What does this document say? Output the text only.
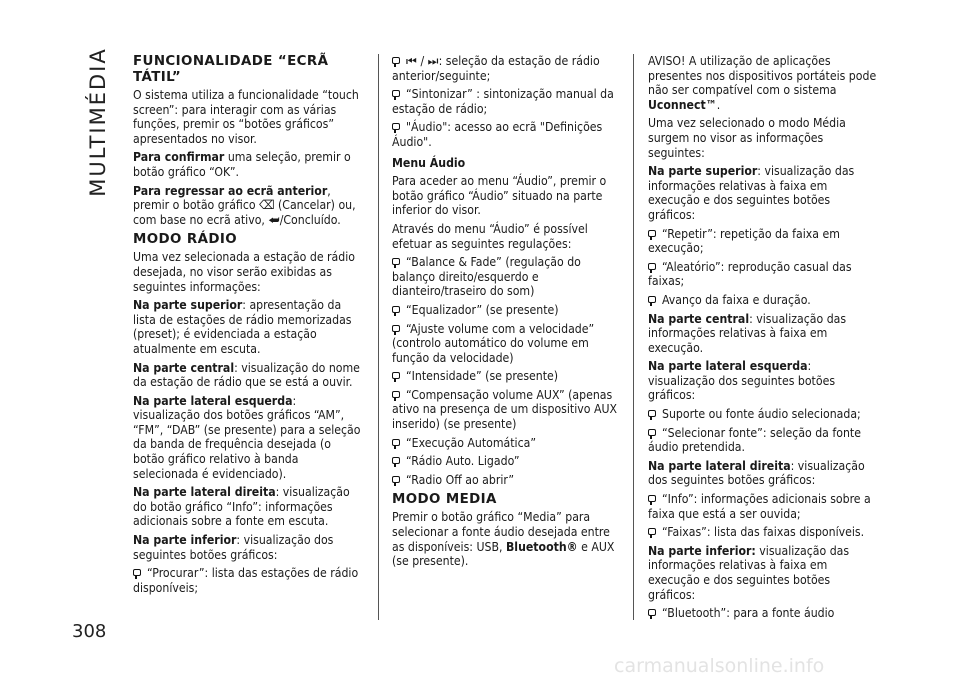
MULTIMÉDIA
308
FUNCIONALIDADE “ECRÃ TÁTIL”

O sistema utiliza a funcionalidade “touch screen”: para interagir com as várias funções, premir os “botões gráficos” apresentados no visor.

Para confirmar uma seleção, premir o botão gráfico “OK”.

Para regressar ao ecrã anterior, premir o botão gráfico ⌫ (Cancelar) ou, com base no ecrã ativo, ⮨/Concluído.

MODO RÁDIO

Uma vez selecionada a estação de rádio desejada, no visor serão exibidas as seguintes informações:

Na parte superior: apresentação da lista de estações de rádio memorizadas (preset); é evidenciada a estação atualmente em escuta.

Na parte central: visualização do nome da estação de rádio que se está a ouvir.

Na parte lateral esquerda: visualização dos botões gráficos “AM”, “FM”, “DAB” (se presente) para a seleção da banda de frequência desejada (o botão gráfico relativo à banda selecionada é evidenciado).

Na parte lateral direita: visualização do botão gráfico “Info”: informações adicionais sobre a fonte em escuta.

Na parte inferior: visualização dos seguintes botões gráficos:

“Procurar”: lista das estações de rádio disponíveis;

⏮ / ⏭: seleção da estação de rádio anterior/seguinte;

“Sintonizar” : sintonização manual da estação de rádio;

"Áudio": acesso ao ecrã "Definições Áudio".

Menu Áudio

Para aceder ao menu “Áudio”, premir o botão gráfico “Áudio” situado na parte inferior do visor.

Através do menu “Áudio” é possível efetuar as seguintes regulações:

“Balance & Fade” (regulação do balanço direito/esquerdo e dianteiro/traseiro do som)

“Equalizador” (se presente)

“Ajuste volume com a velocidade” (controlo automático do volume em função da velocidade)

“Intensidade” (se presente)

“Compensação volume AUX” (apenas ativo na presença de um dispositivo AUX inserido) (se presente)

“Execução Automática”

“Rádio Auto. Ligado”

“Radio Off ao abrir”

MODO MEDIA

Premir o botão gráfico “Media” para selecionar a fonte áudio desejada entre as disponíveis: USB, Bluetooth® e AUX (se presente).

AVISO! A utilização de aplicações presentes nos dispositivos portáteis pode não ser compatível com o sistema Uconnect™.

Uma vez selecionado o modo Média surgem no visor as informações seguintes:

Na parte superior: visualização das informações relativas à faixa em execução e dos seguintes botões gráficos:

“Repetir”: repetição da faixa em execução;

“Aleatório”: reprodução casual das faixas;

Avanço da faixa e duração.

Na parte central: visualização das informações relativas à faixa em execução.

Na parte lateral esquerda: visualização dos seguintes botões gráficos:

Suporte ou fonte áudio selecionada;

“Selecionar fonte”: seleção da fonte áudio pretendida.

Na parte lateral direita: visualização dos seguintes botões gráficos:

“Info”: informações adicionais sobre a faixa que está a ser ouvida;

“Faixas”: lista das faixas disponíveis.

Na parte inferior: visualização das informações relativas à faixa em execução e dos seguintes botões gráficos:

“Bluetooth”: para a fonte áudio

carmanualsonline.info
